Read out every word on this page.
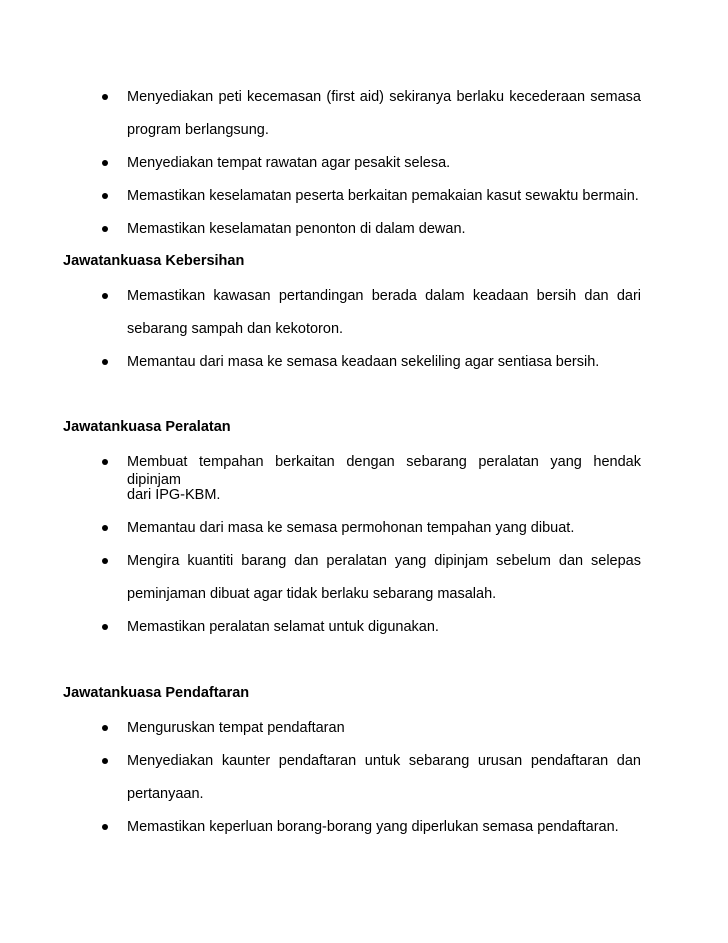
Menyediakan peti kecemasan (first aid) sekiranya berlaku kecederaan semasa
program berlangsung.
Menyediakan tempat rawatan agar pesakit selesa.
Memastikan keselamatan peserta berkaitan pemakaian kasut sewaktu bermain.
Memastikan keselamatan penonton di dalam dewan.
Jawatankuasa Kebersihan
Memastikan kawasan pertandingan berada dalam keadaan bersih dan dari
sebarang sampah dan kekotoron.
Memantau dari masa ke semasa keadaan sekeliling agar sentiasa bersih.
Jawatankuasa Peralatan
Membuat tempahan berkaitan dengan sebarang peralatan yang hendak dipinjam
dari IPG-KBM.
Memantau dari masa ke semasa permohonan tempahan yang dibuat.
Mengira kuantiti barang dan peralatan yang dipinjam sebelum dan selepas
peminjaman dibuat agar tidak berlaku sebarang masalah.
Memastikan peralatan selamat untuk digunakan.
Jawatankuasa Pendaftaran
Menguruskan tempat pendaftaran
Menyediakan kaunter pendaftaran untuk sebarang urusan pendaftaran dan
pertanyaan.
Memastikan keperluan borang-borang yang diperlukan semasa pendaftaran.
